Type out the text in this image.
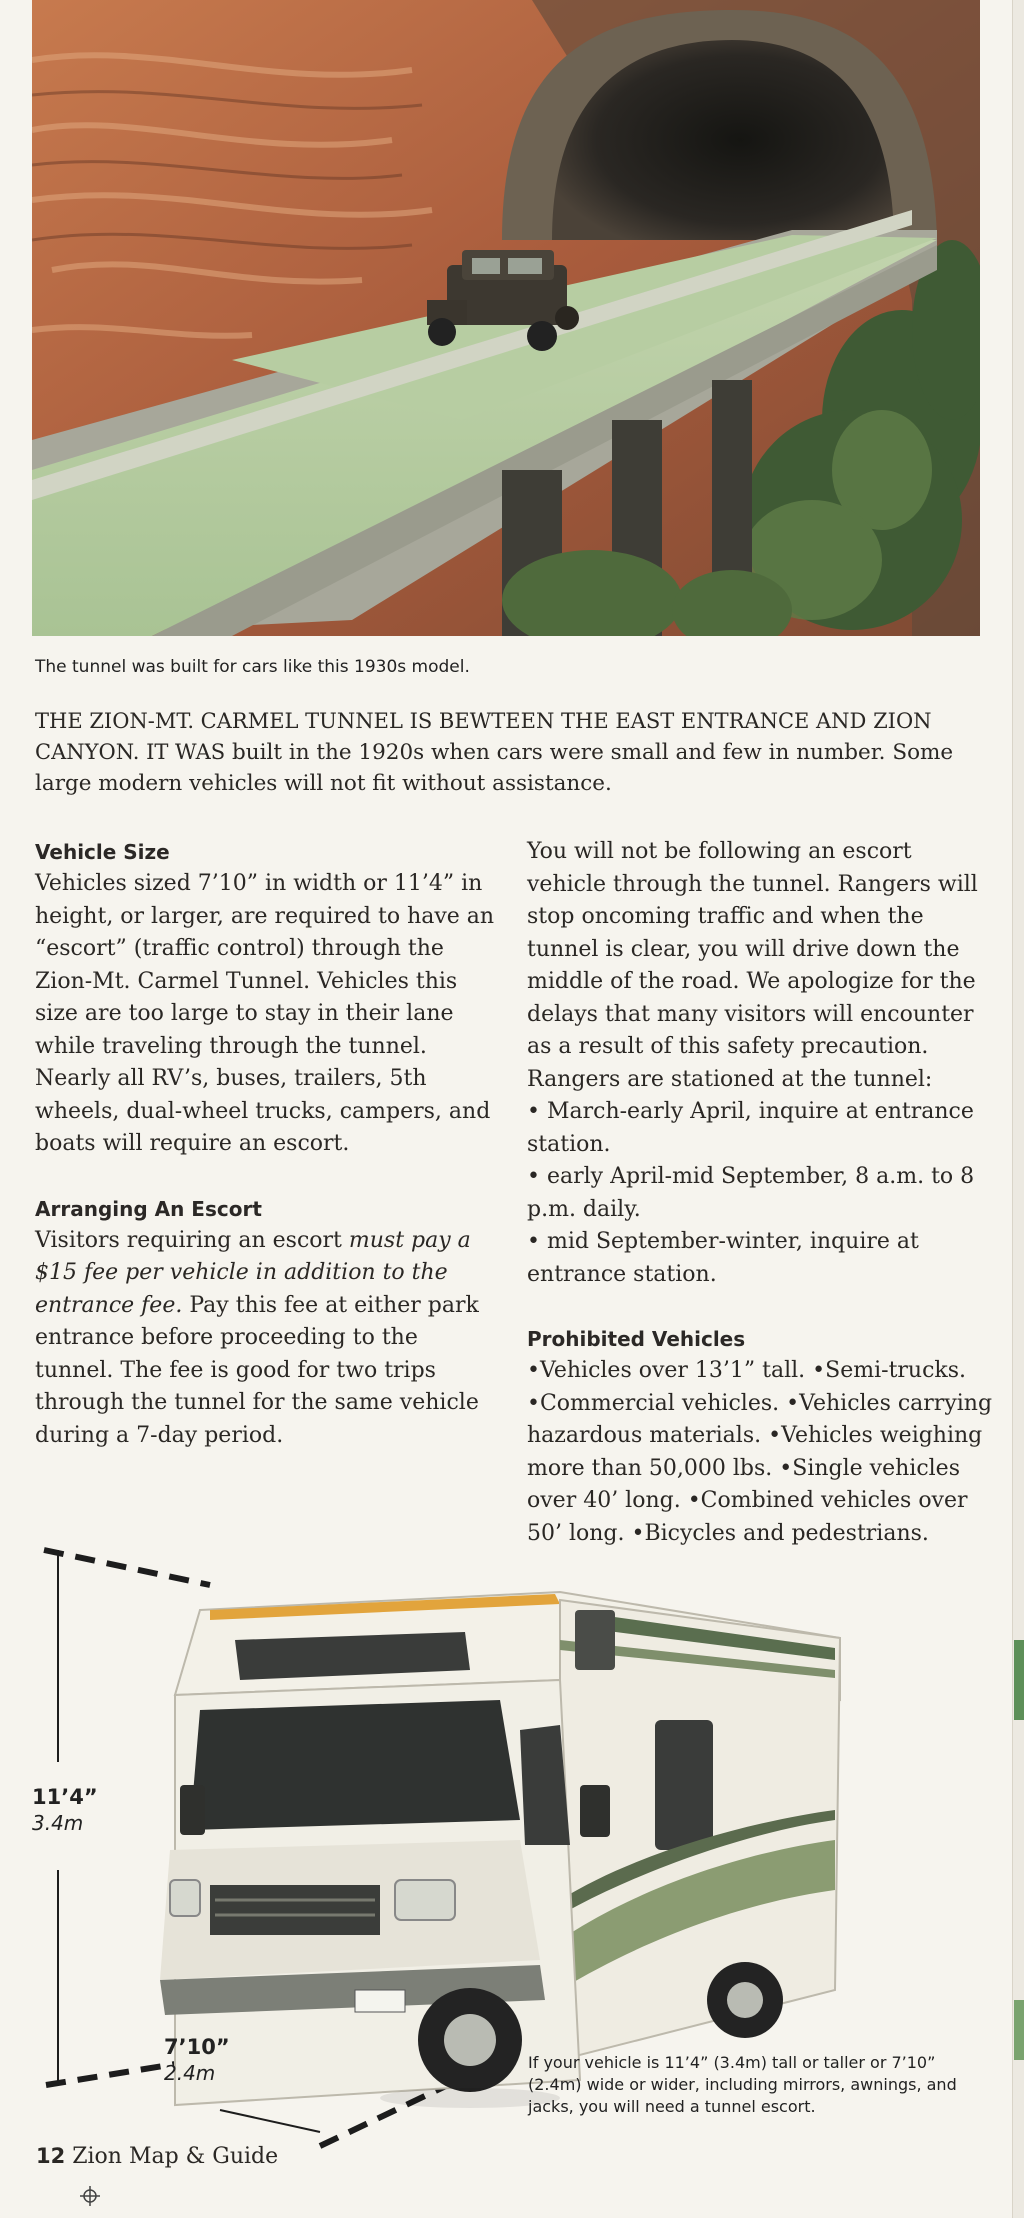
The tunnel was built for cars like this 1930s model.
THE ZION-MT. CARMEL TUNNEL IS BEWTEEN THE EAST ENTRANCE AND ZION CANYON. IT WAS built in the 1920s when cars were small and few in number. Some large modern vehicles will not fit without assistance.
Vehicle Size

Vehicles sized 7’10” in width or 11’4” in height, or larger, are required to have an “escort” (traffic control) through the Zion-Mt. Carmel Tunnel. Vehicles this size are too large to stay in their lane while traveling through the tunnel. Nearly all RV’s, buses, trailers, 5th wheels, dual-wheel trucks, campers, and boats will require an escort.

Arranging An Escort

Visitors requiring an escort must pay a $15 fee per vehicle in addition to the entrance fee. Pay this fee at either park entrance before proceeding to the tunnel. The fee is good for two trips through the tunnel for the same vehicle during a 7-day period.

You will not be following an escort vehicle through the tunnel. Rangers will stop oncoming traffic and when the tunnel is clear, you will drive down the middle of the road. We apologize for the delays that many visitors will encounter as a result of this safety precaution. Rangers are stationed at the tunnel:

• March-early April, inquire at entrance station.

• early April-mid September, 8 a.m. to 8 p.m. daily.

• mid September-winter, inquire at entrance station.

Prohibited Vehicles

•Vehicles over 13’1” tall. •Semi-trucks. •Commercial vehicles. •Vehicles carrying hazardous materials. •Vehicles weighing more than 50,000 lbs. •Single vehicles over 40’ long. •Combined vehicles over 50’ long. •Bicycles and pedestrians.

11’4”
3.4m
7’10”
2.4m	If your vehicle is 11’4” (3.4m) tall or taller or 7’10” (2.4m) wide or wider, including mirrors, awnings, and jacks, you will need a tunnel escort.
12 Zion Map & Guide
